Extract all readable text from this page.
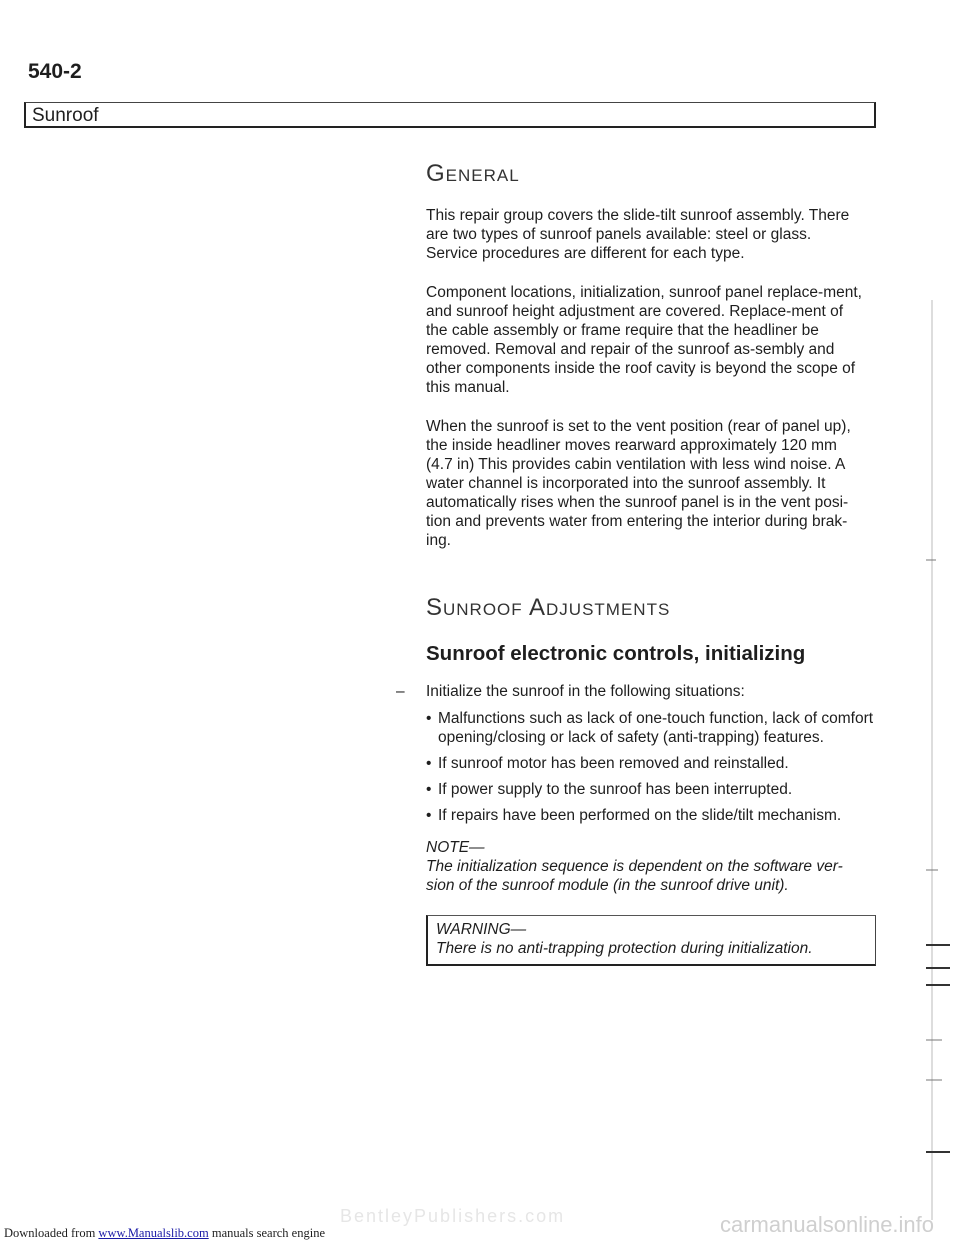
540-2
Sunroof
General

This repair group covers the slide-tilt sunroof assembly. There are two types of sunroof panels available: steel or glass. Service procedures are different for each type.

Component locations, initialization, sunroof panel replace-ment, and sunroof height adjustment are covered. Replace-ment of the cable assembly or frame require that the headliner be removed. Removal and repair of the sunroof as-sembly and other components inside the roof cavity is beyond the scope of this manual.

When the sunroof is set to the vent position (rear of panel up), the inside headliner moves rearward approximately 120 mm (4.7 in) This provides cabin ventilation with less wind noise. A water channel is incorporated into the sunroof assembly. It automatically rises when the sunroof panel is in the vent posi-tion and prevents water from entering the interior during brak-ing.

Sunroof Adjustments
Sunroof electronic controls, initializing
– Initialize the sunroof in the following situations:
• Malfunctions such as lack of one-touch function, lack of comfort opening/closing or lack of safety (anti-trapping) features.
• If sunroof motor has been removed and reinstalled.
• If power supply to the sunroof has been interrupted.
• If repairs have been performed on the slide/tilt mechanism.
NOTE—

The initialization sequence is dependent on the software ver-sion of the sunroof module (in the sunroof drive unit).

WARNING—
There is no anti-trapping protection during initialization.
Downloaded from www.Manualslib.com manuals search engine
BentleyPublishers.com	carmanualsonline.info
